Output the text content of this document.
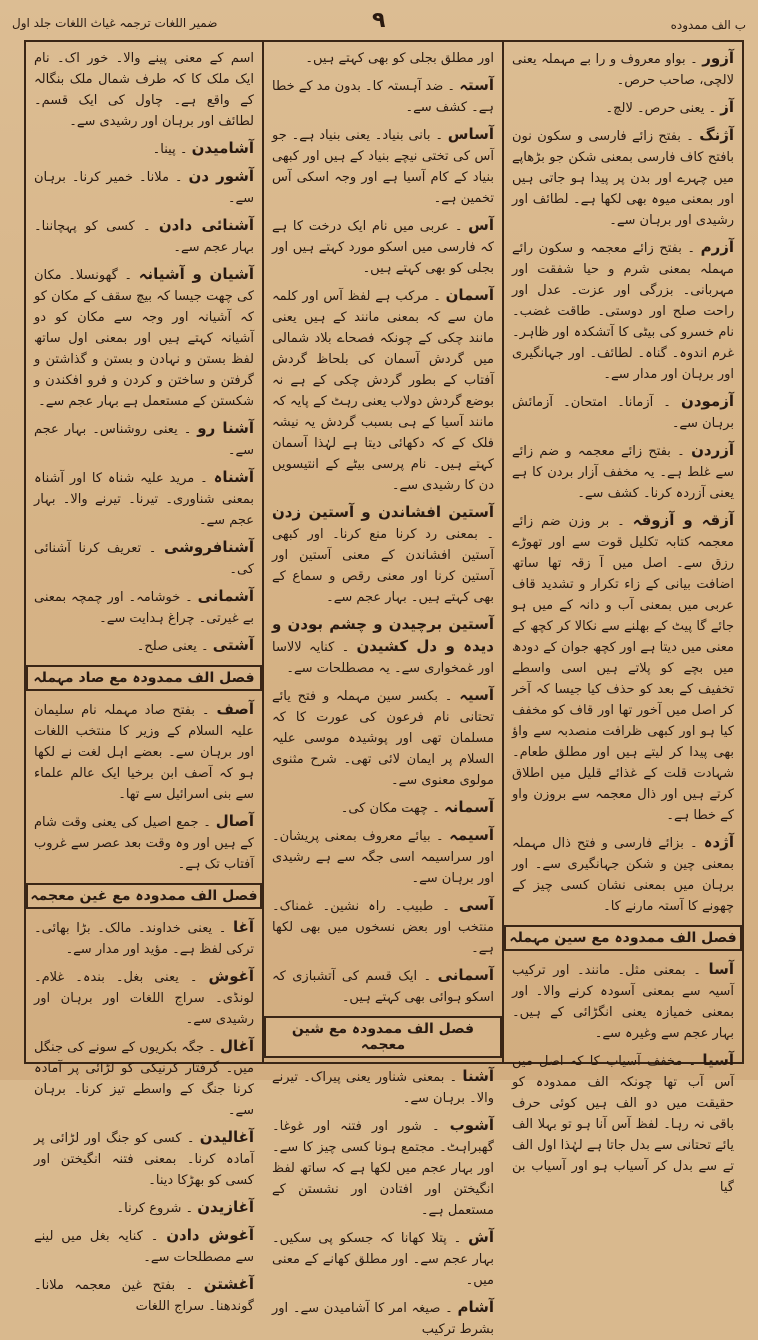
ب الف ممدوده
۹
ضمیر اللغات ترجمہ غیاث اللغات جلد اول

آزور ۔ بواو معروف و را بے مہملہ یعنی لالچی، صاحب حرص۔

آز ۔ یعنی حرص۔ لالچ۔

آژنگ ۔ بفتح زائے فارسی و سکون نون بافتح کاف فارسی بمعنی شکن جو بڑھاپے میں چہرے اور بدن پر پیدا ہو جاتی ہیں اور بمعنی میوہ بھی لکھا ہے۔ لطائف اور رشیدی اور برہان سے۔

آزرم ۔ بفتح زائے معجمہ و سکون رائے مہملہ بمعنی شرم و حیا شفقت اور مہربانی۔ بزرگی اور عزت۔ عدل اور راحت صلح اور دوستی۔ طاقت غضب۔ نام خسرو کی بیٹی کا آتشکدہ اور ظاہر۔ غرم اندوہ۔ گناہ۔ لطائف۔ اور جہانگیری اور برہان اور مدار سے۔

آزمودن ۔ آزمانا۔ امتحان۔ آزمائش برہان سے۔

آزردن ۔ بفتح زائے معجمہ و ضم زائے سے غلط ہے۔ یہ مخفف آزار بردن کا ہے یعنی آزردہ کرنا۔ کشف سے۔

آزقہ و آزوقہ ۔ بر وزن ضم زائے معجمہ کتابہ تکلیل قوت سے اور تھوڑے رزق سے۔ اصل میں آ زقہ تھا ساتھ اضافت بیانی کے زاء تکرار و تشدید قاف عربی میں بمعنی آب و دانہ کے میں ہو جائے گا پیٹ کے بھلنے سے نکالا کر کچھ کے معنی میں دیتا ہے اور کچھ جوان کے دودھ میں بچے کو پلاتے ہیں اسی واسطے تخفیف کے بعد کو حذف کیا جیسا کہ آخر کر اصل میں آخور تھا اور قاف کو مخفف کیا ہو اور کبھی ظرافت منصدبہ سے واؤ بھی پیدا کر لیتے ہیں اور مطلق طعام۔ شہادت قلت کے غذائے قلیل میں اطلاق کرتے ہیں اور ذال معجمہ سے بروزن واو کے خطا ہے۔

آژدہ ۔ بزائے فارسی و فتح ذال مہملہ بمعنی چین و شکن جہانگیری سے۔ اور برہان میں بمعنی نشان کسی چیز کے چھونے کا آستہ مارنے کا۔

فصل الف ممدودہ مع سین مہملہ

آسا ۔ بمعنی مثل۔ مانند۔ اور ترکیب آسیہ سے بمعنی آسودہ کرنے والا۔ اور بمعنی خمیازہ یعنی انگڑائی کے ہیں۔ بہار عجم سے وغیرہ سے۔

آسیا ۔ مخفف آسیاب کا کہ اصل میں آس آب تھا چونکہ الف ممدودہ کو حقیقت میں دو الف ہیں کوئی حرف باقی نہ رہا۔ لفظ آس آنا ہو تو بہلا الف یائے تحتانی سے بدل جاتا ہے لہٰذا اول الف تے سے بدل کر آسیاب ہو اور آسیاب بن گیا

اور مطلق بجلی کو بھی کہتے ہیں۔

آستہ ۔ ضد آہستہ کا۔ بدون مد کے خطا ہے۔ کشف سے۔

آساس ۔ بانی بنیاد۔ یعنی بنیاد ہے۔ جو آس کی تختی نیچے بنیاد کے ہیں اور کبھی بنیاد کے کام آسیا ہے اور وجہ اسکی آس تخمین ہے۔

آس ۔ عربی میں نام ایک درخت کا ہے کہ فارسی میں اسکو مورد کہتے ہیں اور بجلی کو بھی کہتے ہیں۔

آسمان ۔ مرکب ہے لفظ آس اور کلمہ مان سے کہ بمعنی مانند کے ہیں یعنی مانند چکی کے چونکہ فصحاے بلاد شمالی میں گردش آسمان کی بلحاظ گردش آفتاب کے بطور گردش چکی کے ہے نہ بوضع گردش دولاب یعنی رہٹ کے پایہ کہ مانند آسیا کے ہی بسبب گردش یہ نیشہ فلک کے کہ دکھائی دیتا ہے لہٰذا آسمان کہتے ہیں۔ نام پرسی بیٹے کے انتیسویں دن کا رشیدی سے۔

آستین افشاندن و آستین زدن ۔ بمعنی رد کرنا منع کرنا۔ اور کبھی آستین افشاندن کے معنی آستین اور آستین کرنا اور معنی رقص و سماع کے بھی کہتے ہیں۔ بہار عجم سے۔

آستین برچیدن و چشم بودن و دیدہ و دل کشیدن ۔ کنایہ لالاسا اور غمخواری سے۔ یہ مصطلحات سے۔

آسیہ ۔ بکسر سین مہملہ و فتح یائے تحتانی نام فرعون کی عورت کا کہ مسلمان تھی اور پوشیدہ موسی علیہ السلام پر ایمان لائی تھی۔ شرح مثنوی مولوی معنوی سے۔

آسمانہ ۔ چھت مکان کی۔

آسیمہ ۔ بیائے معروف بمعنی پریشان۔ اور سراسیمہ اسی جگہ سے ہے رشیدی اور برہان سے۔

آسی ۔ طبیب۔ راہ نشین۔ غمناک۔ منتخب اور بعض نسخوں میں بھی لکھا ہے۔

آسمانی ۔ ایک قسم کی آتشبازی کہ اسکو ہوائی بھی کہتے ہیں۔

فصل الف ممدودہ مع شین معجمہ

آشنا ۔ بمعنی شناور یعنی پیراک۔ تیرنے والا۔ برہان سے۔

آشوب ۔ شور اور فتنہ اور غوغا۔ گھبراہٹ۔ مجتمع ہونا کسی چیز کا سے۔ اور بہار عجم میں لکھا ہے کہ ساتھ لفظ انگیختن اور افتادن اور نشستن کے مستعمل ہے۔

آش ۔ پتلا کھانا کہ جسکو پی سکیں۔ بہار عجم سے۔ اور مطلق کھانے کے معنی میں۔

آشام ۔ صیغہ امر کا آشامیدن سے۔ اور بشرط ترکیب

اسم کے معنی پینے والا۔ خور اک۔ نام ایک ملک کا کہ طرف شمال ملک بنگالہ کے واقع ہے۔ چاول کی ایک قسم۔ لطائف اور برہان اور رشیدی سے۔

آشامیدن ۔ پینا۔

آشور دن ۔ ملانا۔ خمیر کرنا۔ برہان سے۔

آشنائی دادن ۔ کسی کو پہچاننا۔ بہار عجم سے۔

آشیان و آشیانہ ۔ گھونسلا۔ مکان کی چھت جیسا کہ بیچ سقف کے مکان کو کہ آشیانہ اور وجہ سے مکان کو دو آشیانہ کہتے ہیں اور بمعنی اول ساتھ لفظ بستن و نہادن و بستن و گذاشتن و گرفتن و ساختن و کردن و فرو افکندن و شکستن کے مستعمل ہے بہار عجم سے۔

آشنا رو ۔ یعنی روشناس۔ بہار عجم سے۔

آشناہ ۔ مرید علیہ شناہ کا اور آشناہ بمعنی شناوری۔ تیرنا۔ تیرنے والا۔ بہار عجم سے۔

آشنافروشی ۔ تعریف کرنا آشنائی کی۔

آشمانی ۔ خوشامہ۔ اور چمچہ بمعنی بے غیرتی۔ چراغ ہدایت سے۔

آشتی ۔ یعنی صلح۔

فصل الف ممدودہ مع صاد مہملہ

آصف ۔ بفتح صاد مہملہ نام سلیمان علیہ السلام کے وزیر کا منتخب اللغات اور برہان سے۔ بعضے اہل لغت نے لکھا ہو کہ آصف ابن برخیا ایک عالم علماء سے بنی اسرائیل سے تھا۔

آصال ۔ جمع اصیل کی یعنی وقت شام کے ہیں اور وہ وقت بعد عصر سے غروب آفتاب تک ہے۔

فصل الف ممدودہ مع غین معجمہ

آغا ۔ یعنی خداوند۔ مالک۔ بڑا بھائی۔ ترکی لفظ ہے۔ مؤید اور مدار سے۔

آغوش ۔ یعنی بغل۔ بندہ۔ غلام۔ لونڈی۔ سراج اللغات اور برہان اور رشیدی سے۔

آغال ۔ جگہ بکریوں کے سونے کی جنگل میں۔ گرفتار کرنیکی کو لڑائی پر آمادہ کرنا جنگ کے واسطے تیز کرنا۔ برہان سے۔

آغالیدن ۔ کسی کو جنگ اور لڑائی پر آمادہ کرنا۔ بمعنی فتنہ انگیختن اور کسی کو بھڑکا دینا۔

آغازیدن ۔ شروع کرنا۔

آغوش دادن ۔ کنایہ بغل میں لینے سے مصطلحات سے۔

آغشتن ۔ بفتح غین معجمہ ملانا۔ گوندھنا۔ سراج اللغات
